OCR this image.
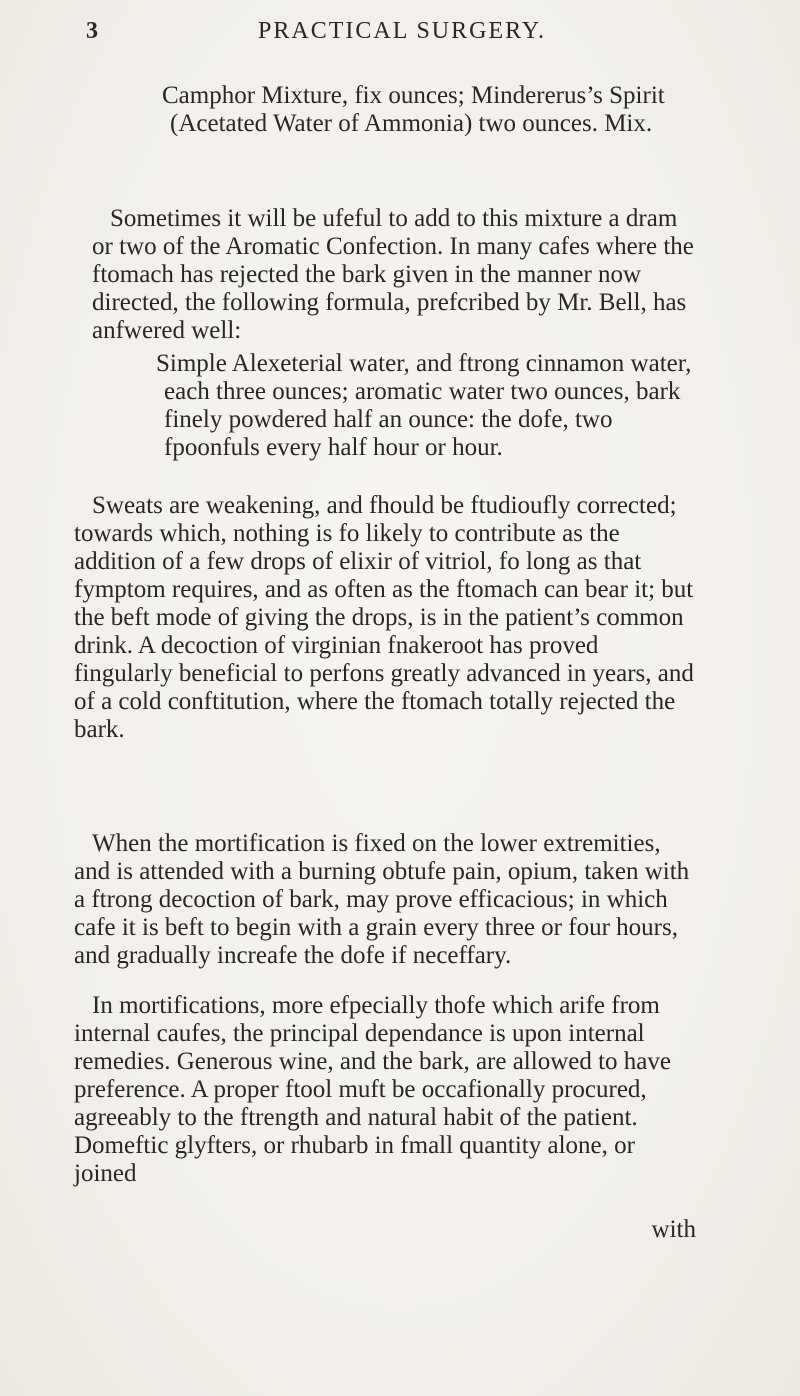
3	PRACTICAL SURGERY.

Camphor Mixture, fix ounces; Mindererus’s Spirit (Acetated Water of Ammonia) two ounces. Mix.

Sometimes it will be ufeful to add to this mixture a dram or two of the Aromatic Confection. In many cafes where the ftomach has rejected the bark given in the manner now directed, the following formula, prefcribed by Mr. Bell, has anfwered well:

Simple Alexeterial water, and ftrong cinnamon water, each three ounces; aromatic water two ounces, bark finely powdered half an ounce: the dofe, two fpoonfuls every half hour or hour.

Sweats are weakening, and fhould be ftudioufly corrected; towards which, nothing is fo likely to contribute as the addition of a few drops of elixir of vitriol, fo long as that fymptom requires, and as often as the ftomach can bear it; but the beft mode of giving the drops, is in the patient’s common drink. A decoction of virginian fnakeroot has proved fingularly beneficial to perfons greatly advanced in years, and of a cold conftitution, where the ftomach totally rejected the bark.

When the mortification is fixed on the lower extremities, and is attended with a burning obtufe pain, opium, taken with a ftrong decoction of bark, may prove efficacious; in which cafe it is beft to begin with a grain every three or four hours, and gradually increafe the dofe if neceffary.

In mortifications, more efpecially thofe which arife from internal caufes, the principal dependance is upon internal remedies. Generous wine, and the bark, are allowed to have preference. A proper ftool muft be occafionally procured, agreeably to the ftrength and natural habit of the patient. Domeftic glyfters, or rhubarb in fmall quantity alone, or joined

with
